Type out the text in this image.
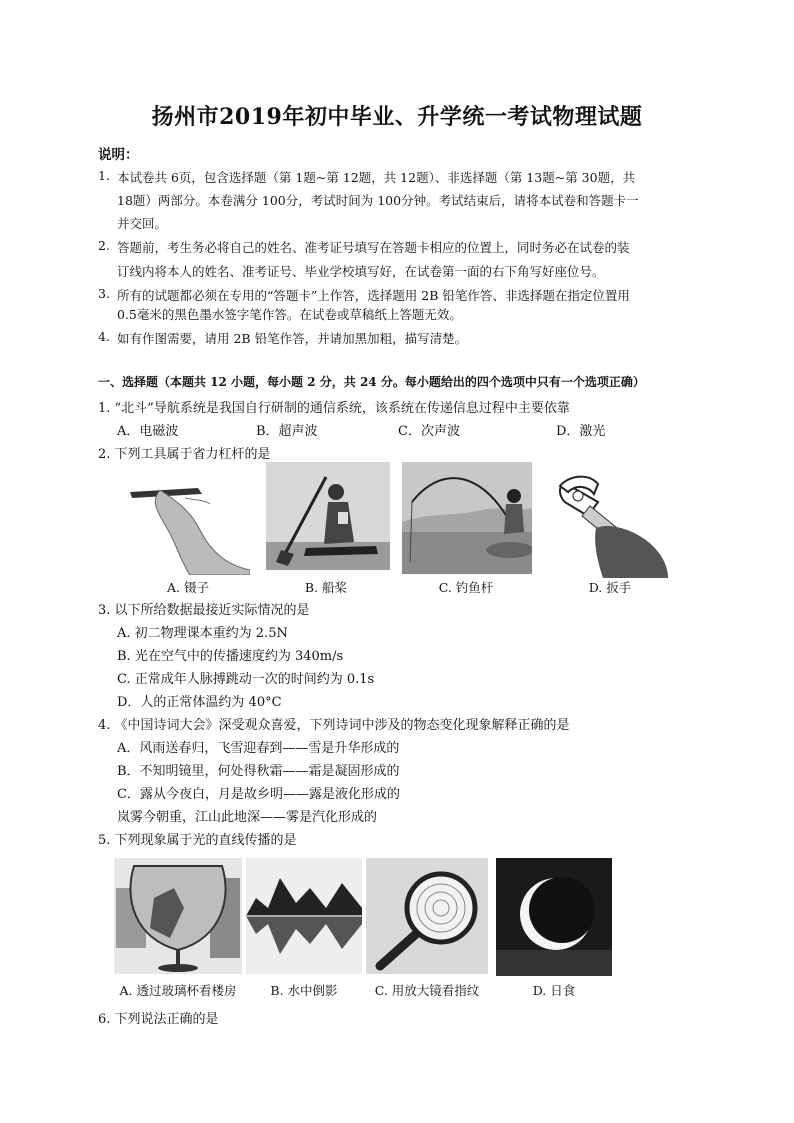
扬州市2019年初中毕业、升学统一考试物理试题
说明：
1. 本试卷共 6页，包含选择题（第 1题~第 12题，共 12题）、非选择题（第 13题~第 30题，共
18题）两部分。本卷满分 100分，考试时间为 100分钟。考试结束后，请将本试卷和答题卡一
并交回。
2. 答题前，考生务必将自己的姓名、准考证号填写在答题卡相应的位置上，同时务必在试卷的装
订线内将本人的姓名、准考证号、毕业学校填写好，在试卷第一面的右下角写好座位号。
3. 所有的试题都必须在专用的“答题卡”上作答，选择题用 2B 铅笔作答、非选择题在指定位置用
0.5毫米的黑色墨水签字笔作答。在试卷或草稿纸上答题无效。
4. 如有作图需要，请用 2B 铅笔作答，并请加黑加粗，描写清楚。
一、选择题（本题共 12 小题，每小题 2 分，共 24 分。每小题给出的四个选项中只有一个选项正确）
1. “北斗”导航系统是我国自行研制的通信系统，该系统在传递信息过程中主要依靠
A．电磁波	B．超声波	C．次声波	D．激光
2. 下列工具属于省力杠杆的是
A. 镊子	B. 船桨	C. 钓鱼杆	D. 扳手
3. 以下所给数据最接近实际情况的是
A. 初二物理课本重约为 2.5N
B. 光在空气中的传播速度约为 340m/s
C. 正常成年人脉搏跳动一次的时间约为 0.1s
D．人的正常体温约为 40°C
4. 《中国诗词大会》深受观众喜爱，下列诗词中涉及的物态变化现象解释正确的是
A．风雨送春归，飞雪迎春到——雪是升华形成的
B．不知明镜里，何处得秋霜——霜是凝固形成的
C．露从今夜白，月是故乡明——露是液化形成的
岚雾今朝重，江山此地深——雾是汽化形成的
5. 下列现象属于光的直线传播的是
A. 透过玻璃杯看楼房	B. 水中倒影	C. 用放大镜看指纹	D. 日食
6. 下列说法正确的是
